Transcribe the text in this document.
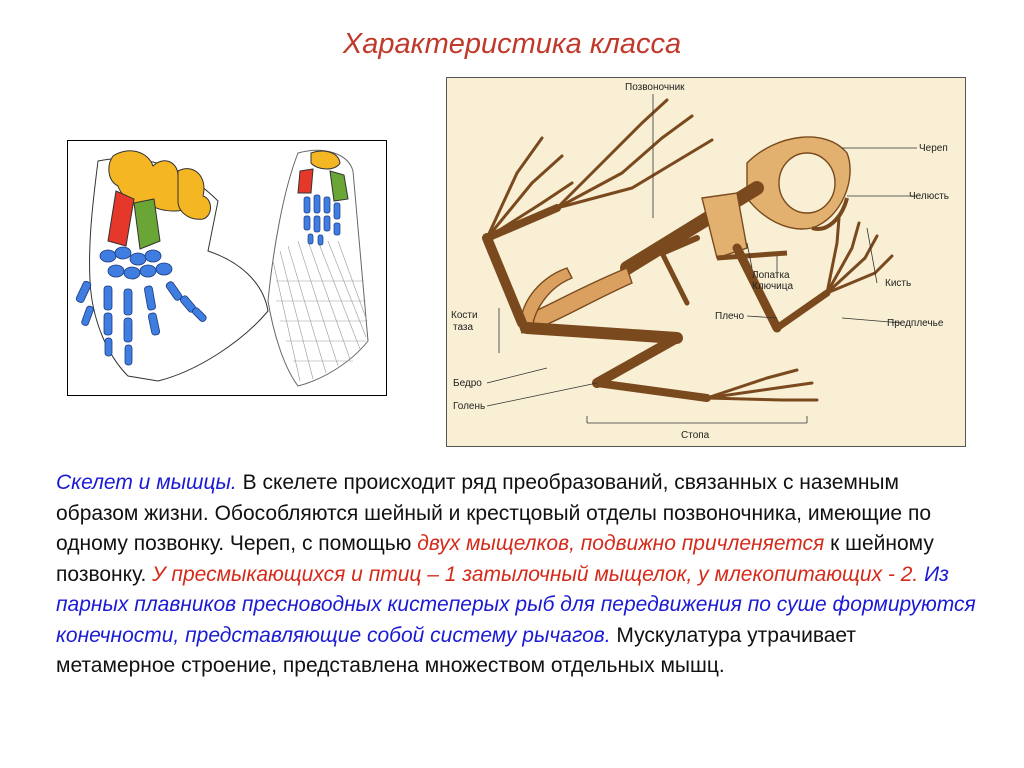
Характеристика класса
Позвоночник
Череп
Челюсть
Лопатка
Ключица	Кисть
Кости
таза
Плечо
Предплечье
Бедро
Голень
Стопа
Скелет и мышцы. В скелете происходит ряд преобразований, связанных с наземным образом жизни. Обособляются шейный и крестцовый отделы позвоночника, имеющие по одному позвонку. Череп, с помощью двух мыщелков, подвижно причленяется к шейному позвонку. У пресмыкающихся и птиц – 1 затылочный мыщелок, у млекопитающих - 2. Из парных плавников пресноводных кистеперых рыб для передвижения по суше формируются конечности, представляющие собой систему рычагов. Мускулатура утрачивает метамерное строение, представлена множеством отдельных мышц.
